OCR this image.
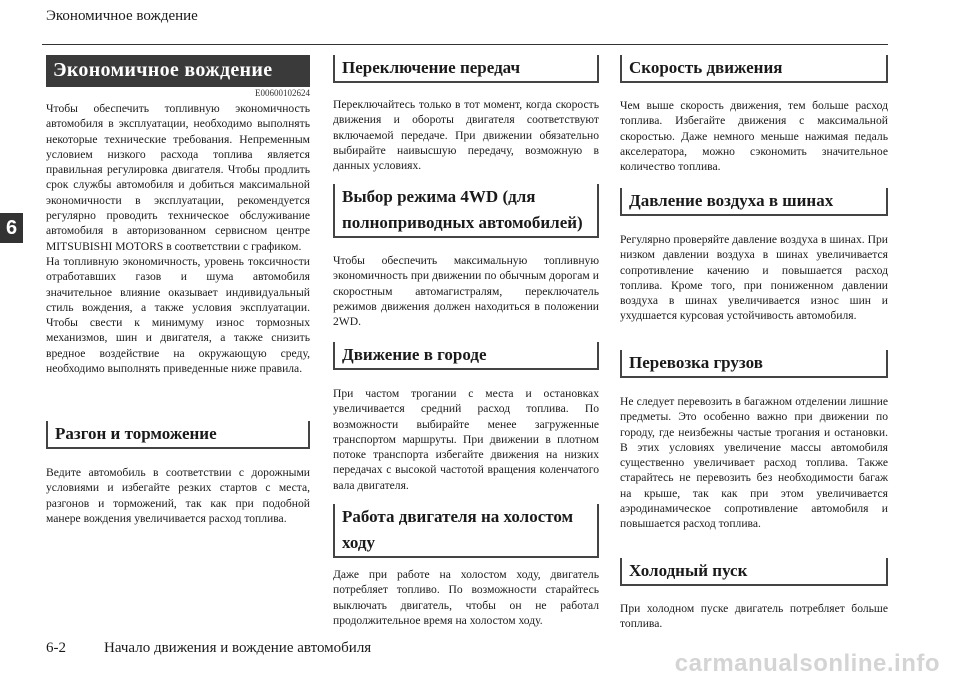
Экономичное вождение
6
Экономичное вождение
E00600102624

Чтобы обеспечить топливную экономичность автомобиля в эксплуатации, необходимо выполнять некоторые технические требования. Непременным условием низкого расхода топлива является правильная регулировка двигателя. Чтобы продлить срок службы автомобиля и добиться максимальной экономичности в эксплуатации, рекомендуется регулярно проводить техническое обслуживание автомобиля в авторизованном сервисном центре MITSUBISHI MOTORS в соответствии с графиком.

На топливную экономичность, уровень токсичности отработавших газов и шума автомобиля значительное влияние оказывает индивидуальный стиль вождения, а также условия эксплуатации. Чтобы свести к минимуму износ тормозных механизмов, шин и двигателя, а также снизить вредное воздействие на окружающую среду, необходимо выполнять приведенные ниже правила.

Разгон и торможение
Ведите автомобиль в соответствии с дорожными условиями и избегайте резких стартов с места, разгонов и торможений, так как при подобной манере вождения увеличивается расход топлива.
Переключение передач
Переключайтесь только в тот момент, когда скорость движения и обороты двигателя соответствуют включаемой передаче. При движении обязательно выбирайте наивысшую передачу, возможную в данных условиях.
Выбор режима 4WD (для
полноприводных автомобилей)
Чтобы обеспечить максимальную топливную экономичность при движении по обычным дорогам и скоростным автомагистралям, переключатель режимов движения должен находиться в положении 2WD.
Движение в городе
При частом трогании с места и остановках увеличивается средний расход топлива. По возможности выбирайте менее загруженные транспортом маршруты. При движении в плотном потоке транспорта избегайте движения на низких передачах с высокой частотой вращения коленчатого вала двигателя.
Работа двигателя на холостом
ходу
Даже при работе на холостом ходу, двигатель потребляет топливо. По возможности старайтесь выключать двигатель, чтобы он не работал продолжительное время на холостом ходу.
Скорость движения
Чем выше скорость движения, тем больше расход топлива. Избегайте движения с максимальной скоростью. Даже немного меньше нажимая педаль акселератора, можно сэкономить значительное количество топлива.
Давление воздуха в шинах
Регулярно проверяйте давление воздуха в шинах. При низком давлении воздуха в шинах увеличивается сопротивление качению и повышается расход топлива. Кроме того, при пониженном давлении воздуха в шинах увеличивается износ шин и ухудшается курсовая устойчивость автомобиля.
Перевозка грузов
Не следует перевозить в багажном отделении лишние предметы. Это особенно важно при движении по городу, где неизбежны частые трогания и остановки. В этих условиях увеличение массы автомобиля существенно увеличивает расход топлива. Также старайтесь не перевозить без необходимости багаж на крыше, так как при этом увеличивается аэродинамическое сопротивление автомобиля и повышается расход топлива.
Холодный пуск
При холодном пуске двигатель потребляет больше топлива.
6-2	Начало движения и вождение автомобиля
carmanualsonline.info
